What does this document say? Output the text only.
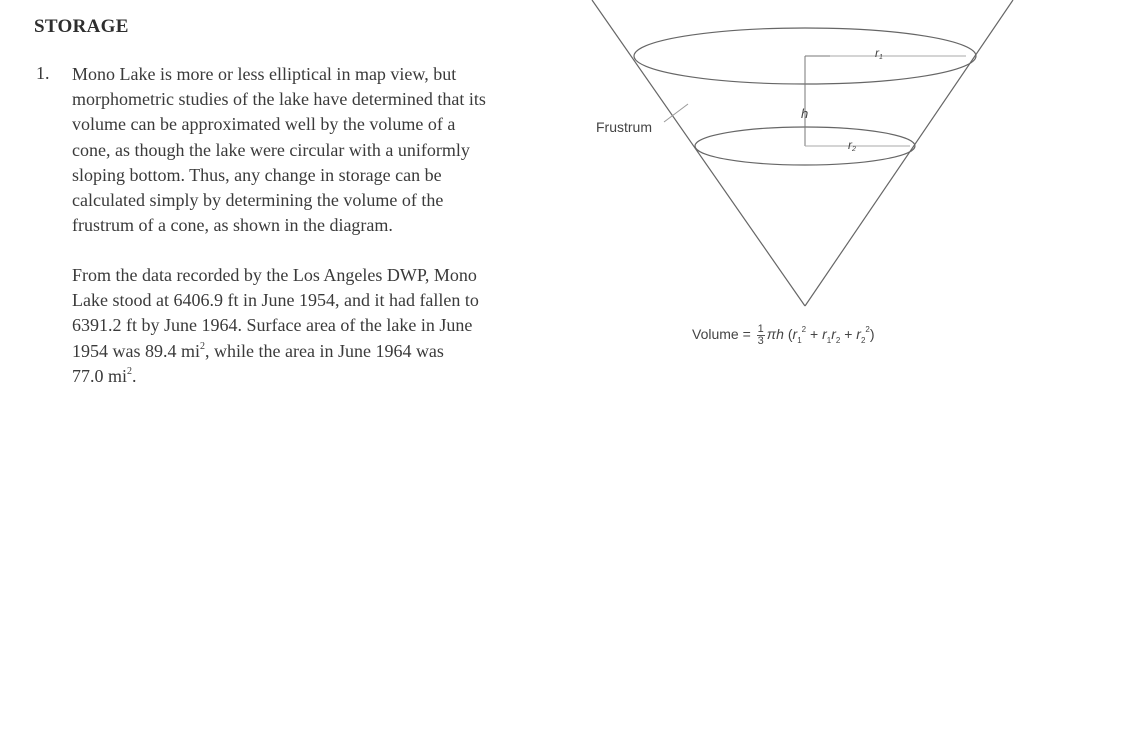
STORAGE
1. Mono Lake is more or less elliptical in map view, but
morphometric studies of the lake have determined that its
volume can be approximated well by the volume of a
cone, as though the lake were circular with a uniformly
sloping bottom. Thus, any change in storage can be
calculated simply by determining the volume of the
frustrum of a cone, as shown in the diagram.
From the data recorded by the Los Angeles DWP, Mono
Lake stood at 6406.9 ft in June 1954, and it had fallen to
6391.2 ft by June 1964. Surface area of the lake in June
1954 was 89.4 $mi^2$, while the area in June 1964 was
77.0 $mi^2$.
Frustrum
r1
h
r2
Volume = $\frac{1}{3}$ πh $(r_1^2 + r_1r_2 + r_2^2)$
